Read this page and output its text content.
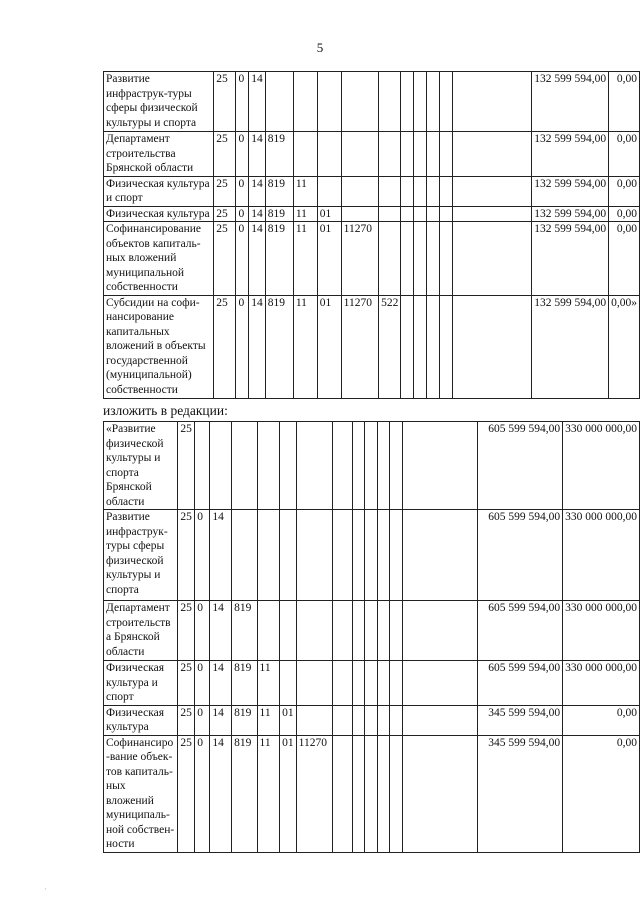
5
Развитие инфраструк-туры сферы физической культуры и спорта	25	0	14											132 599 594,00	0,00
Департамент строительства Брянской области	25	0	14	819										132 599 594,00	0,00
Физическая культура и спорт	25	0	14	819	11									132 599 594,00	0,00
Физическая культура	25	0	14	819	11	01								132 599 594,00	0,00
Софинансирование объектов капиталь-ных вложений муниципальной собственности	25	0	14	819	11	01	11270							132 599 594,00	0,00
Субсидии на софи-нансирование капитальных вложений в объекты государственной (муниципальной) собственности	25	0	14	819	11	01	11270	522						132 599 594,00	0,00»
изложить в редакции:
«Развитие физической культуры и спорта Брянской области	25													605 599 594,00	330 000 000,00
Развитие инфраструк-туры сферы физической культуры и спорта	25	0	14											605 599 594,00	330 000 000,00
Департамент строительства Брянской области	25	0	14	819										605 599 594,00	330 000 000,00
Физическая культура и спорт	25	0	14	819	11									605 599 594,00	330 000 000,00
Физическая культура	25	0	14	819	11	01								345 599 594,00	0,00
Софинансиро-вание объек-тов капиталь-ных вложений муниципаль-ной собствен-ности	25	0	14	819	11	01	11270							345 599 594,00	0,00
·
